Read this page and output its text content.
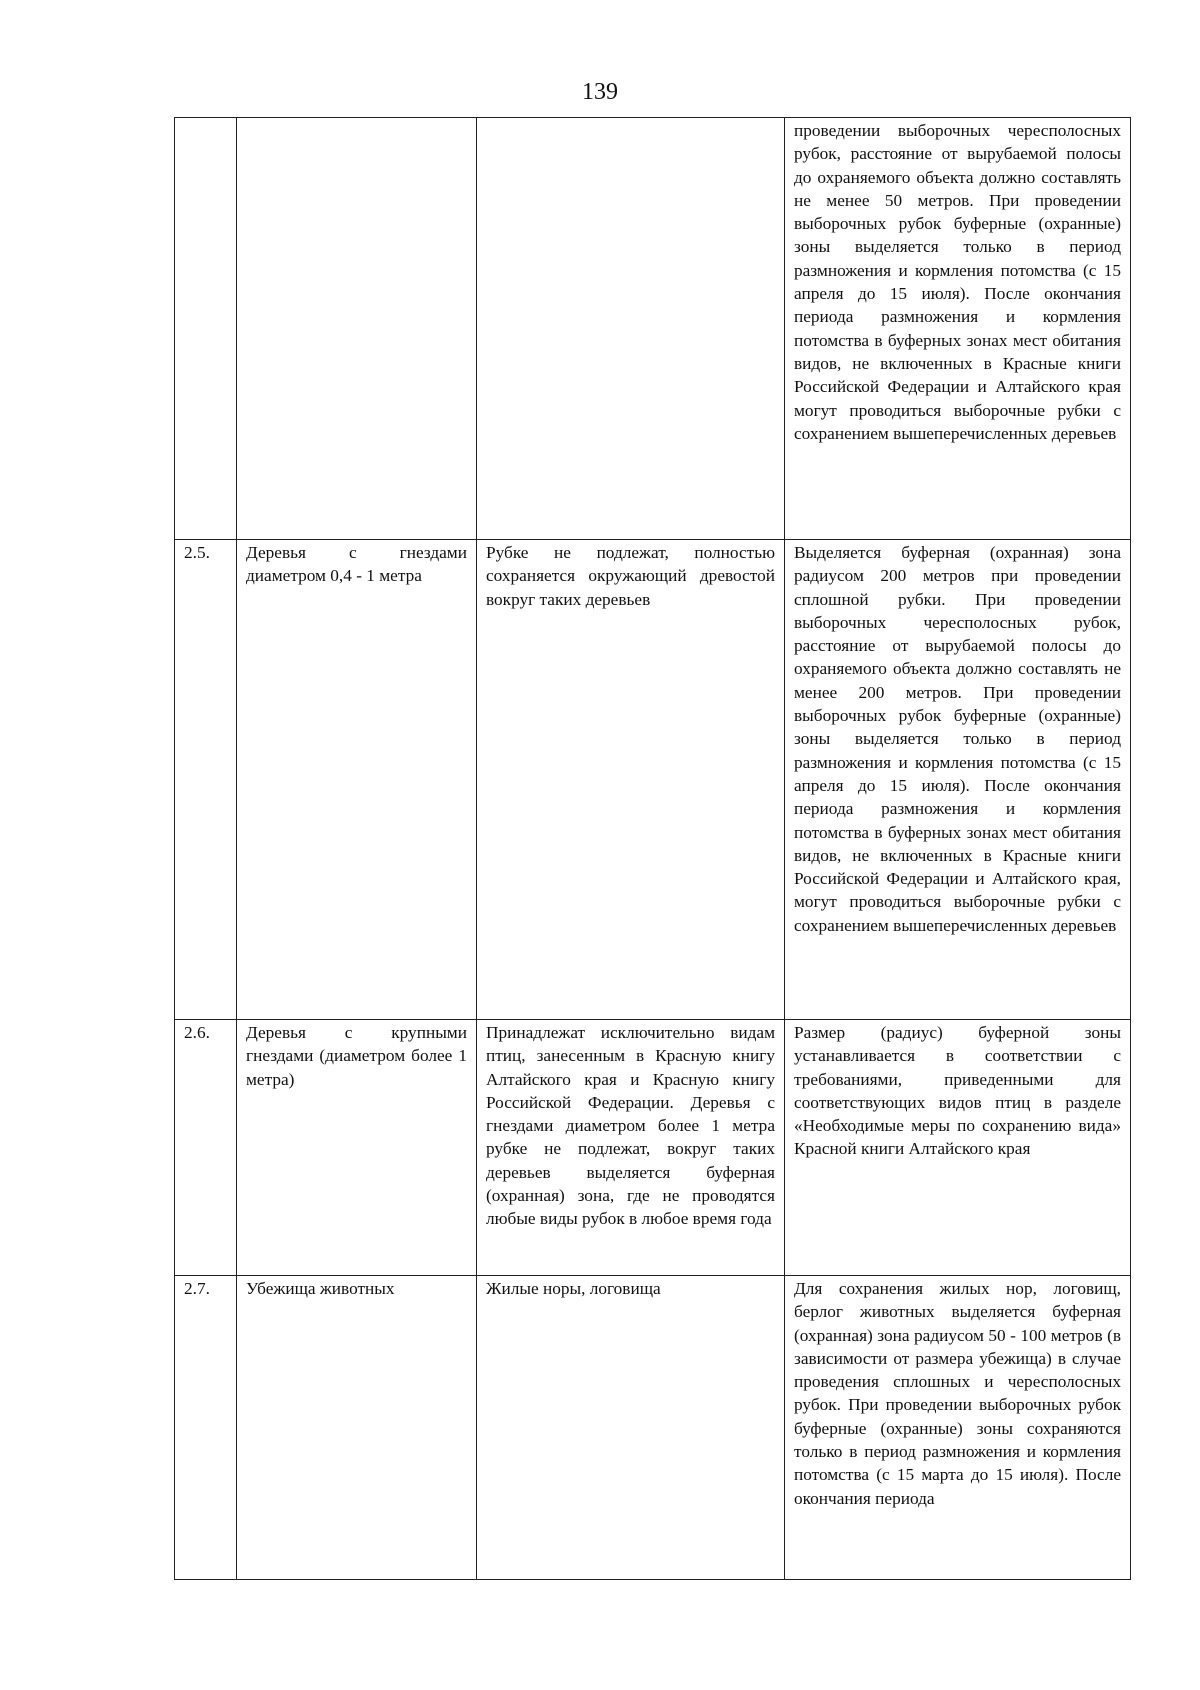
139
			проведении выборочных чересполосных рубок, расстояние от вырубаемой полосы до охраняемого объекта должно составлять не менее 50 метров. При проведении выборочных рубок буферные (охранные) зоны выделяется только в период размножения и кормления потомства (с 15 апреля до 15 июля). После окончания периода размножения и кормления потомства в буферных зонах мест обитания видов, не включенных в Красные книги Российской Федерации и Алтайского края могут проводиться выборочные рубки с сохранением вышеперечисленных деревьев
2.5.	Деревья с гнездами диаметром 0,4 - 1 метра	Рубке не подлежат, полностью сохраняется окружающий древостой вокруг таких деревьев	Выделяется буферная (охранная) зона радиусом 200 метров при проведении сплошной рубки. При проведении выборочных чересполосных рубок, расстояние от вырубаемой полосы до охраняемого объекта должно составлять не менее 200 метров. При проведении выборочных рубок буферные (охранные) зоны выделяется только в период размножения и кормления потомства (с 15 апреля до 15 июля). После окончания периода размножения и кормления потомства в буферных зонах мест обитания видов, не включенных в Красные книги Российской Федерации и Алтайского края, могут проводиться выборочные рубки с сохранением вышеперечисленных деревьев
2.6.	Деревья с крупными гнездами (диаметром более 1 метра)	Принадлежат исключительно видам птиц, занесенным в Красную книгу Алтайского края и Красную книгу Российской Федерации. Деревья с гнездами диаметром более 1 метра рубке не подлежат, вокруг таких деревьев выделяется буферная (охранная) зона, где не проводятся любые виды рубок в любое время года	Размер (радиус) буферной зоны устанавливается в соответствии с требованиями, приведенными для соответствующих видов птиц в разделе «Необходимые меры по сохранению вида» Красной книги Алтайского края
2.7.	Убежища животных	Жилые норы, логовища	Для сохранения жилых нор, логовищ, берлог животных выделяется буферная (охранная) зона радиусом 50 - 100 метров (в зависимости от размера убежища) в случае проведения сплошных и чересполосных рубок. При проведении выборочных рубок буферные (охранные) зоны сохраняются только в период размножения и кормления потомства (с 15 марта до 15 июля). После окончания периода
